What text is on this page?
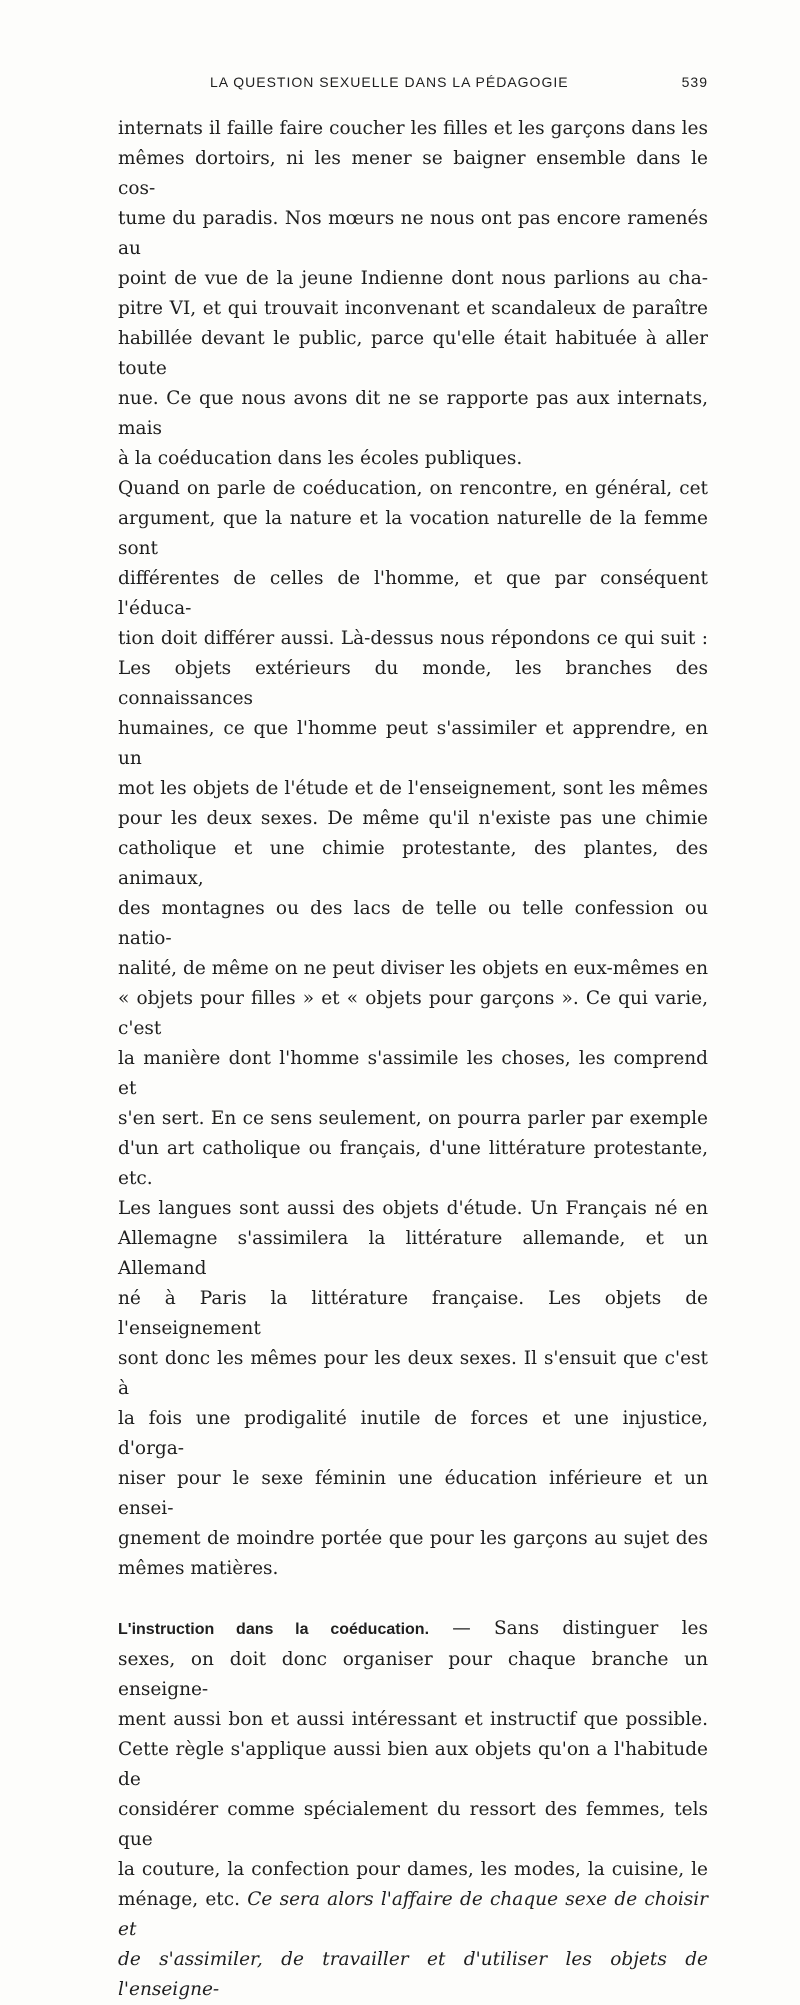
LA QUESTION SEXUELLE DANS LA PÉDAGOGIE	539

internats il faille faire coucher les filles et les garçons dans les

mêmes dortoirs, ni les mener se baigner ensemble dans le cos-

tume du paradis. Nos mœurs ne nous ont pas encore ramenés au

point de vue de la jeune Indienne dont nous parlions au cha-

pitre VI, et qui trouvait inconvenant et scandaleux de paraître

habillée devant le public, parce qu'elle était habituée à aller toute

nue. Ce que nous avons dit ne se rapporte pas aux internats, mais

à la coéducation dans les écoles publiques.

Quand on parle de coéducation, on rencontre, en général, cet

argument, que la nature et la vocation naturelle de la femme sont

différentes de celles de l'homme, et que par conséquent l'éduca-

tion doit différer aussi. Là-dessus nous répondons ce qui suit :

Les objets extérieurs du monde, les branches des connaissances

humaines, ce que l'homme peut s'assimiler et apprendre, en un

mot les objets de l'étude et de l'enseignement, sont les mêmes

pour les deux sexes. De même qu'il n'existe pas une chimie

catholique et une chimie protestante, des plantes, des animaux,

des montagnes ou des lacs de telle ou telle confession ou natio-

nalité, de même on ne peut diviser les objets en eux-mêmes en

« objets pour filles » et « objets pour garçons ». Ce qui varie, c'est

la manière dont l'homme s'assimile les choses, les comprend et

s'en sert. En ce sens seulement, on pourra parler par exemple

d'un art catholique ou français, d'une littérature protestante, etc.

Les langues sont aussi des objets d'étude. Un Français né en

Allemagne s'assimilera la littérature allemande, et un Allemand

né à Paris la littérature française. Les objets de l'enseignement

sont donc les mêmes pour les deux sexes. Il s'ensuit que c'est à

la fois une prodigalité inutile de forces et une injustice, d'orga-

niser pour le sexe féminin une éducation inférieure et un ensei-

gnement de moindre portée que pour les garçons au sujet des

mêmes matières.

L'instruction dans la coéducation. — Sans distinguer les

sexes, on doit donc organiser pour chaque branche un enseigne-

ment aussi bon et aussi intéressant et instructif que possible.

Cette règle s'applique aussi bien aux objets qu'on a l'habitude de

considérer comme spécialement du ressort des femmes, tels que

la couture, la confection pour dames, les modes, la cuisine, le

ménage, etc. Ce sera alors l'affaire de chaque sexe de choisir et

de s'assimiler, de travailler et d'utiliser les objets de l'enseigne-
